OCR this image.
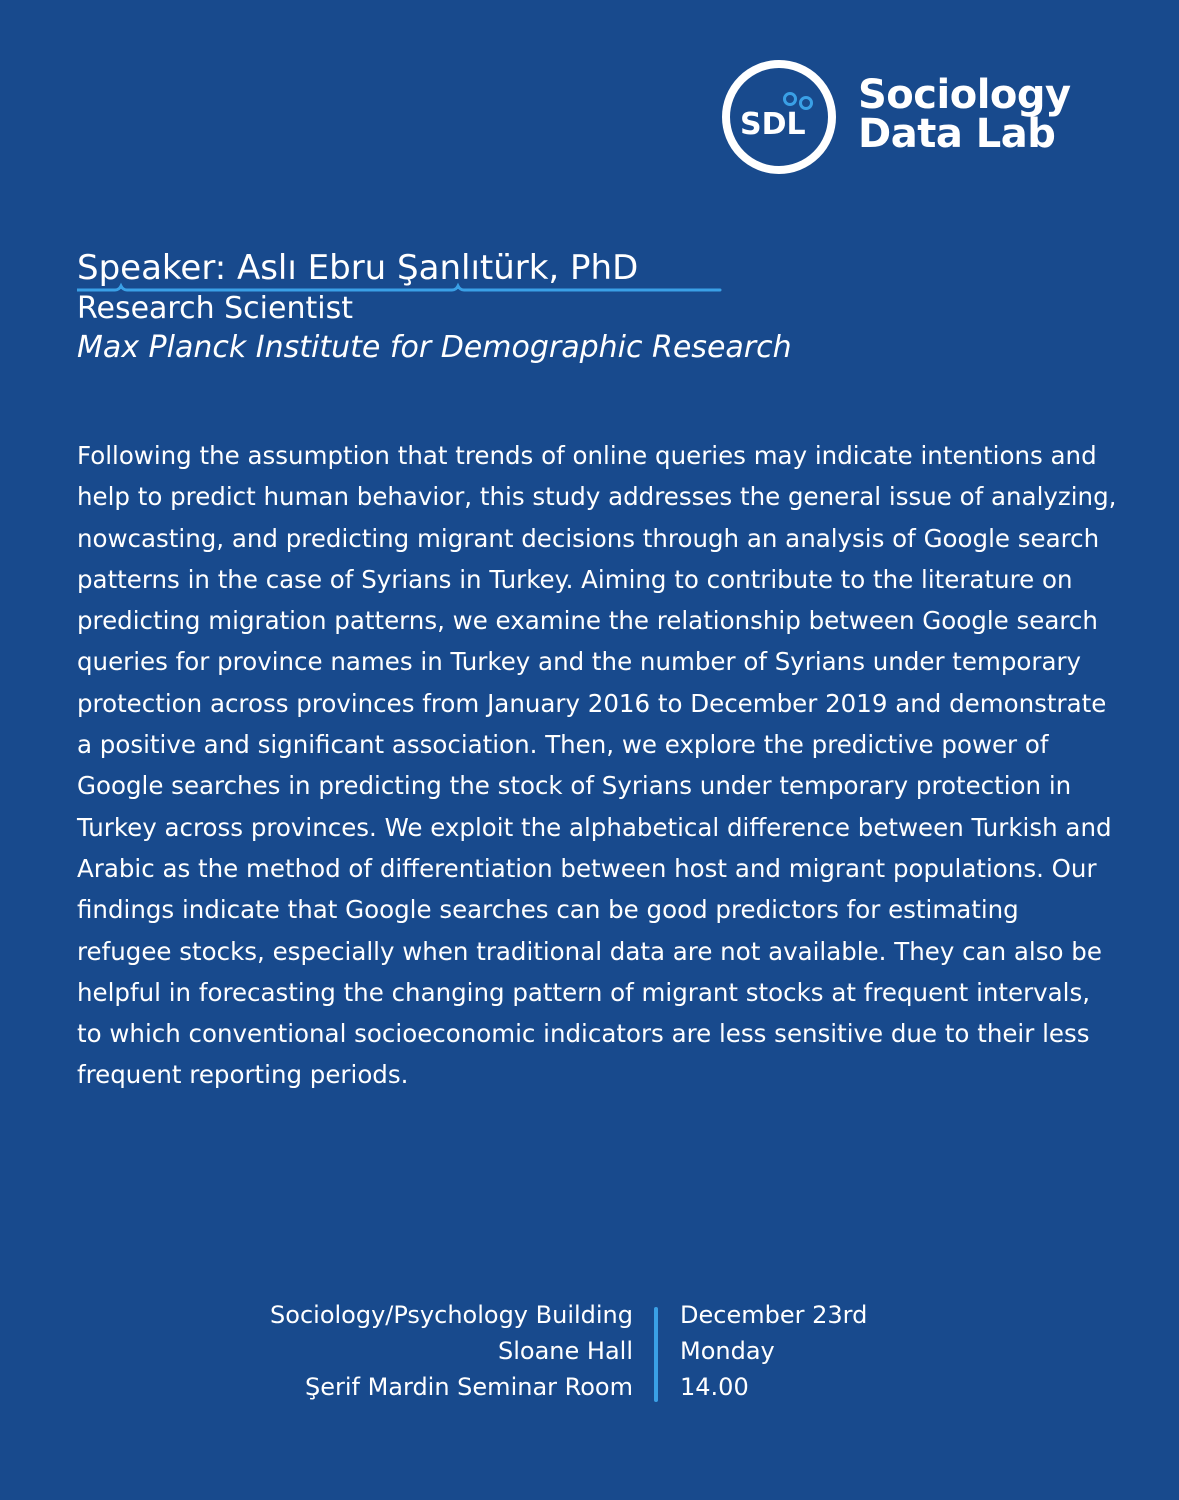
SDL
Sociology
Data Lab
Speaker: Aslı Ebru Şanlıtürk, PhD
Research Scientist
Max Planck Institute for Demographic Research

Following the assumption that trends of online queries may indicate intentions and help to predict human behavior, this study addresses the general issue of analyzing, nowcasting, and predicting migrant decisions through an analysis of Google search patterns in the case of Syrians in Turkey. Aiming to contribute to the literature on predicting migration patterns, we examine the relationship between Google search queries for province names in Turkey and the number of Syrians under temporary protection across provinces from January 2016 to December 2019 and demonstrate a positive and significant association. Then, we explore the predictive power of Google searches in predicting the stock of Syrians under temporary protection in Turkey across provinces. We exploit the alphabetical difference between Turkish and Arabic as the method of differentiation between host and migrant populations. Our findings indicate that Google searches can be good predictors for estimating refugee stocks, especially when traditional data are not available. They can also be helpful in forecasting the changing pattern of migrant stocks at frequent intervals, to which conventional socioeconomic indicators are less sensitive due to their less frequent reporting periods.

Sociology/Psychology Building
Sloane Hall
Şerif Mardin Seminar Room
December 23rd
Monday
14.00
